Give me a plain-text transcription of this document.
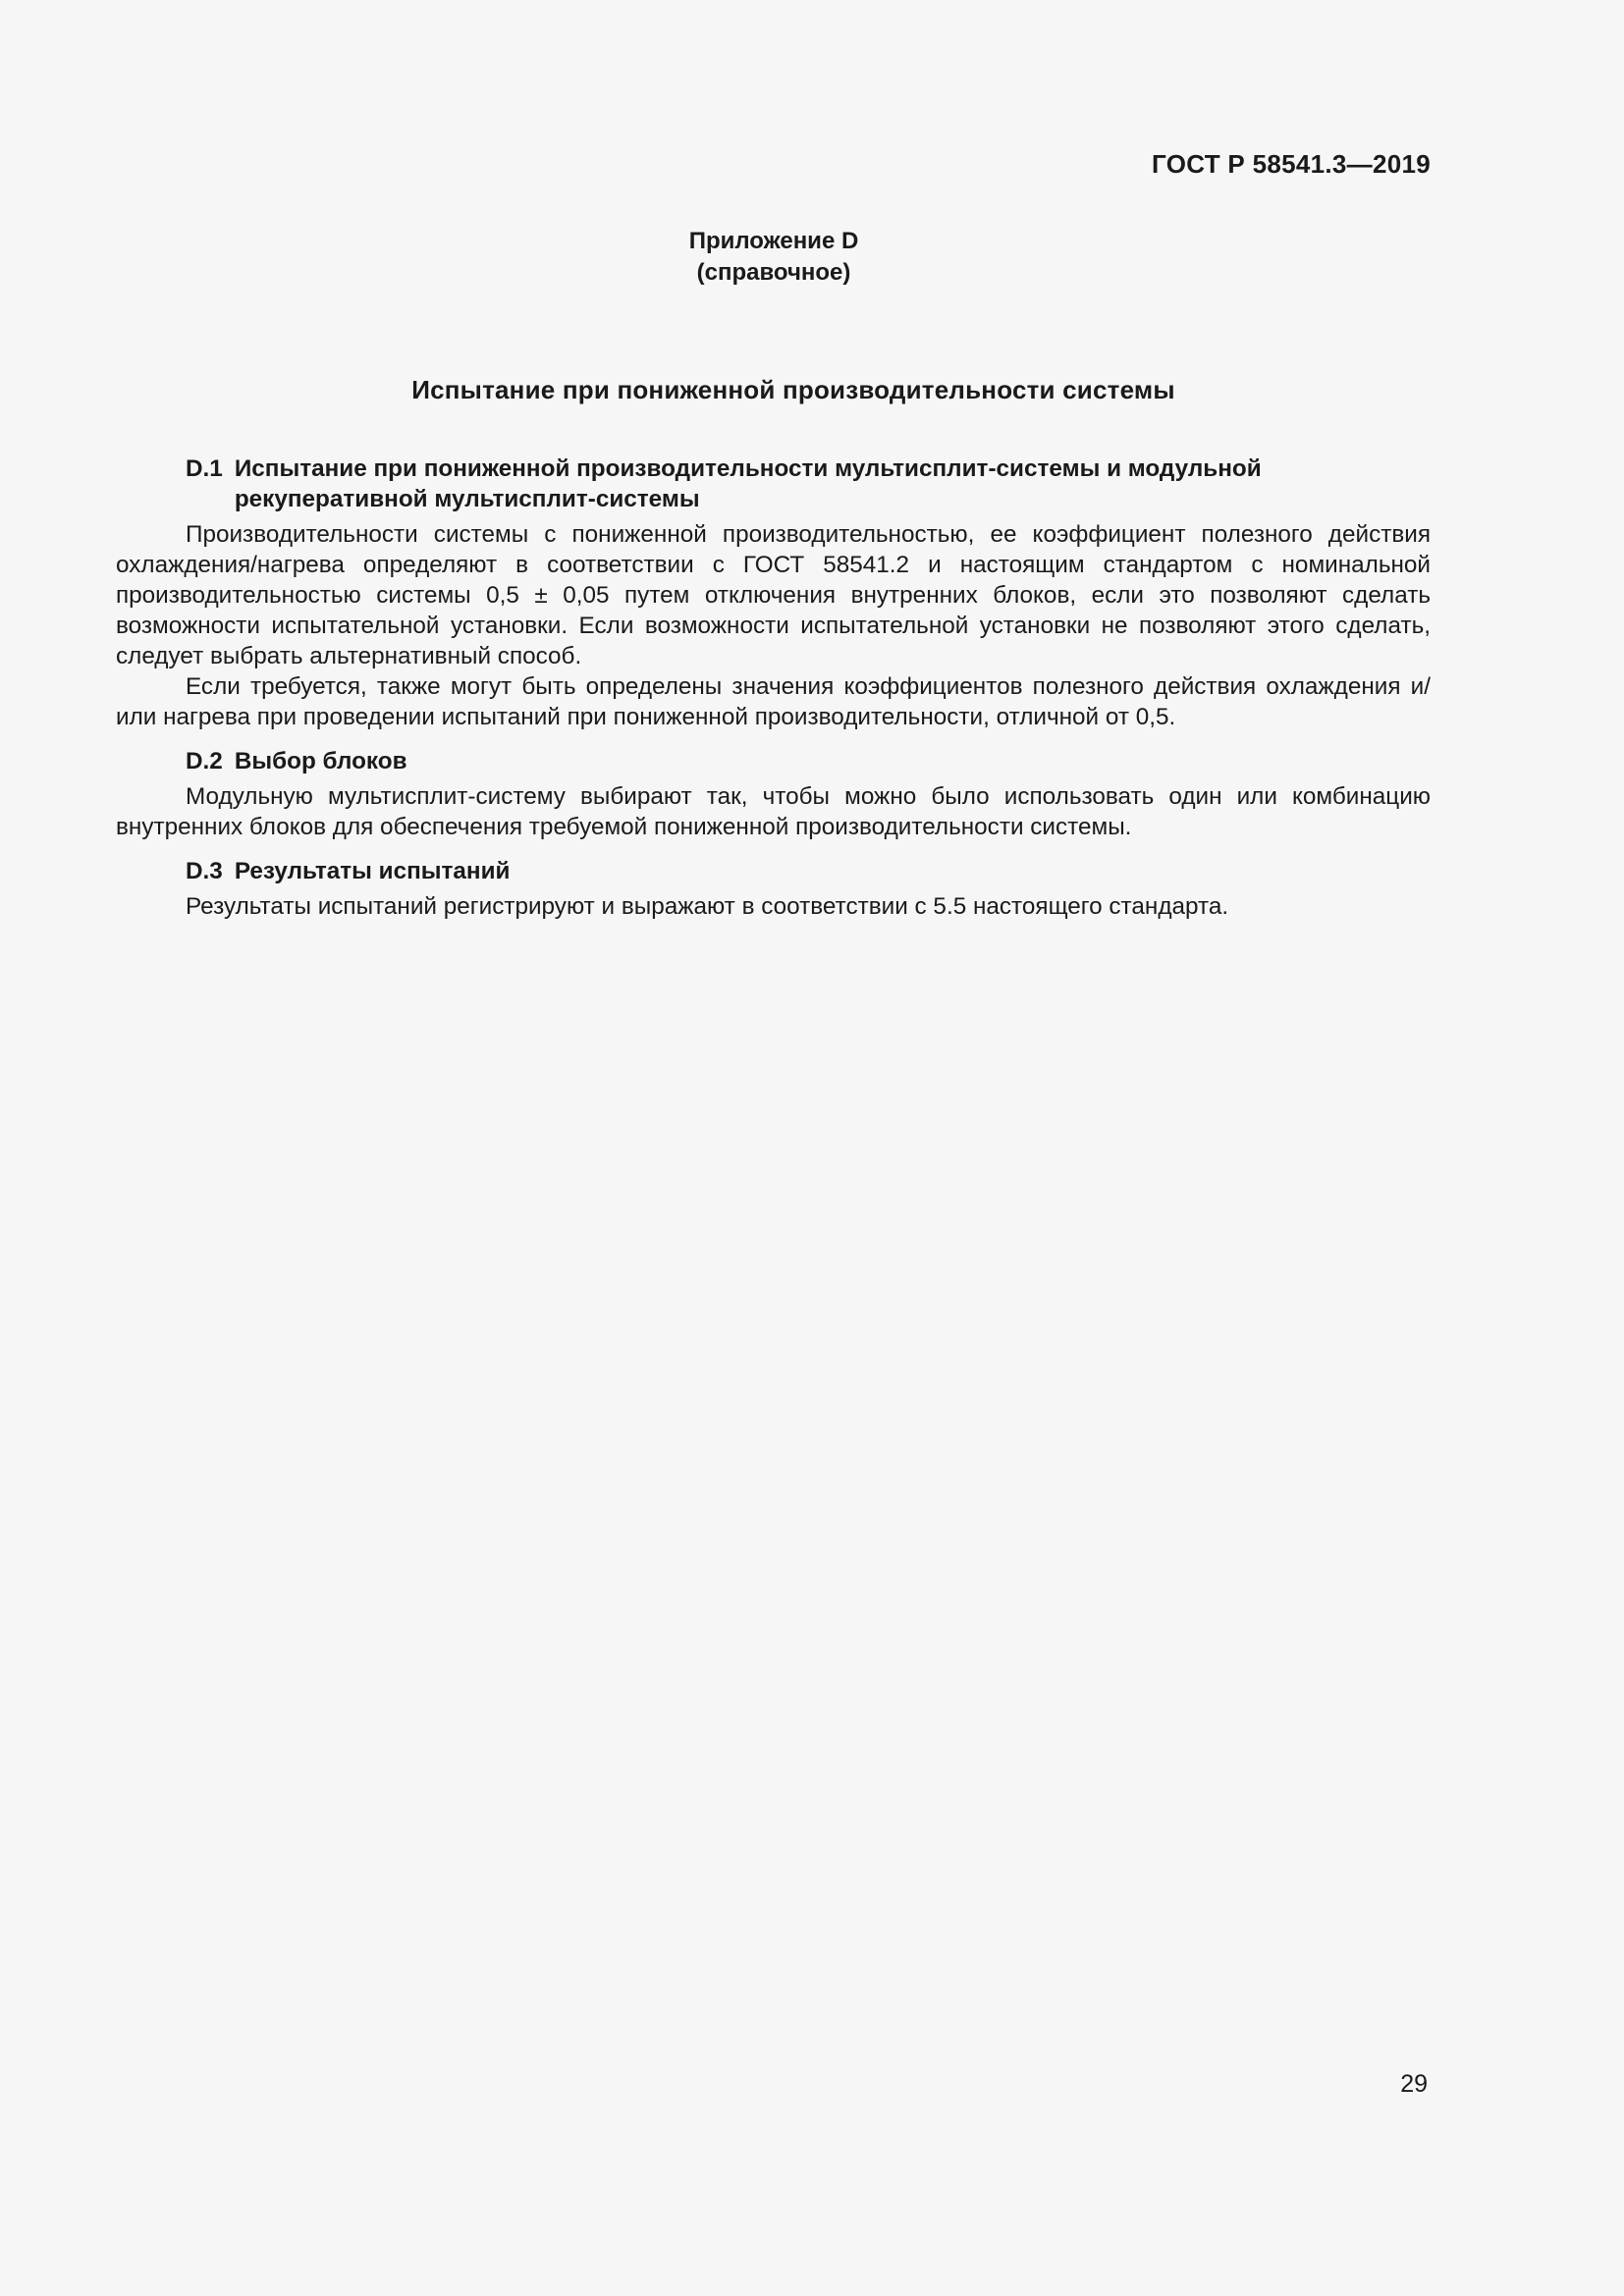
ГОСТ Р 58541.3—2019
Приложение D
(справочное)
Испытание при пониженной производительности системы
D.1 Испытание при пониженной производительности мультисплит-системы и модульной рекуперативной мультисплит-системы

Производительности системы с пониженной производительностью, ее коэффициент полезного действия охлаждения/нагрева определяют в соответствии с ГОСТ 58541.2 и настоящим стандартом с номинальной производительностью системы 0,5 ± 0,05 путем отключения внутренних блоков, если это позволяют сделать возможности испытательной установки. Если возможности испытательной установки не позволяют этого сделать, следует выбрать альтернативный способ.

Если требуется, также могут быть определены значения коэффициентов полезного действия охлаждения и/или нагрева при проведении испытаний при пониженной производительности, отличной от 0,5.

D.2 Выбор блоков

Модульную мультисплит-систему выбирают так, чтобы можно было использовать один или комбинацию внутренних блоков для обеспечения требуемой пониженной производительности системы.

D.3 Результаты испытаний

Результаты испытаний регистрируют и выражают в соответствии с 5.5 настоящего стандарта.

29
